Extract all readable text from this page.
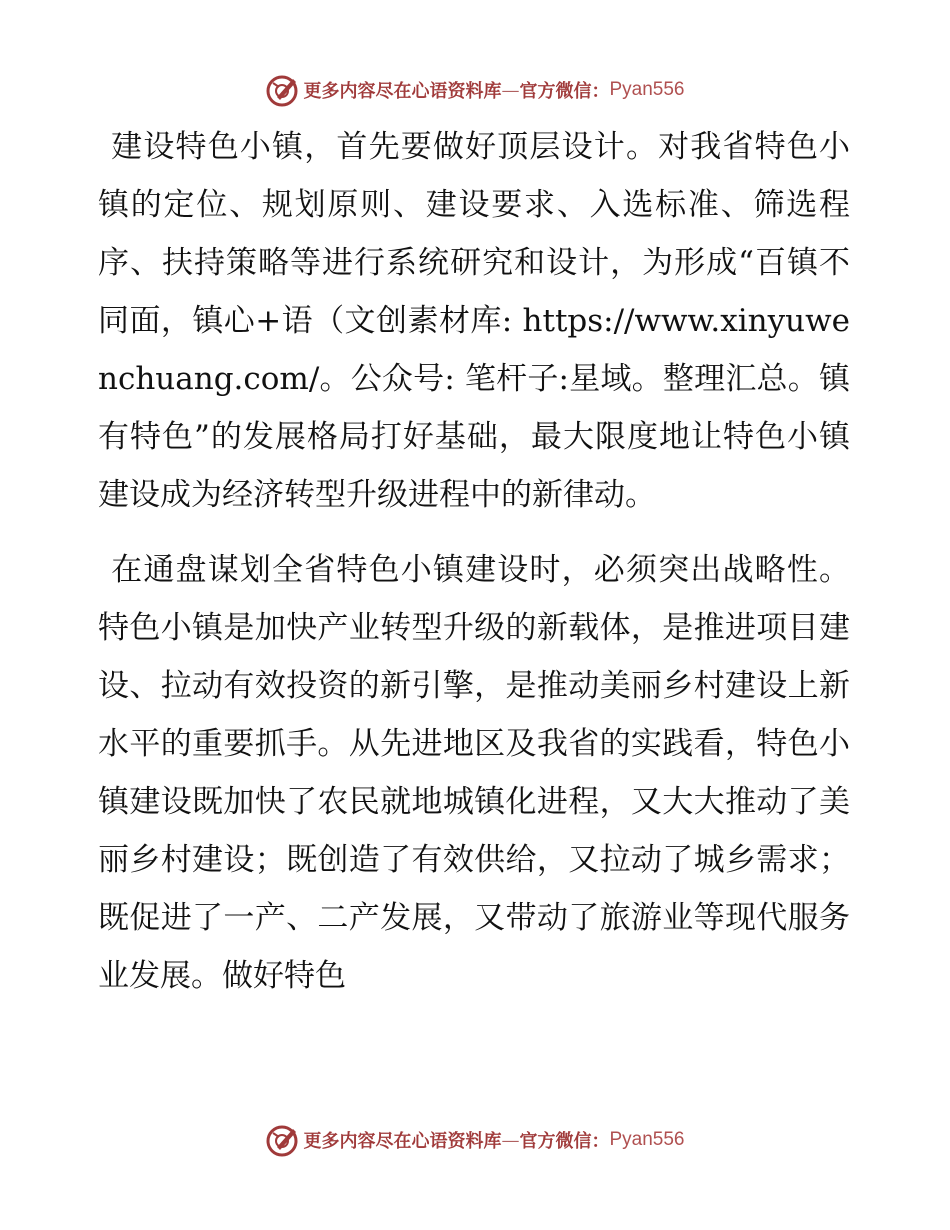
更多内容尽在心语资料库 — 官方微信： Pyan556

建设特色小镇，首先要做好顶层设计。对我省特色小镇的定位、规划原则、建设要求、入选标准、筛选程序、扶持策略等进行系统研究和设计，为形成“百镇不同面，镇心+语（文创素材库: https://www.xinyuwenchuang.com/。公众号: 笔杆子:星域。整理汇总。镇有特色”的发展格局打好基础，最大限度地让特色小镇建设成为经济转型升级进程中的新律动。

在通盘谋划全省特色小镇建设时，必须突出战略性。特色小镇是加快产业转型升级的新载体，是推进项目建设、拉动有效投资的新引擎，是推动美丽乡村建设上新水平的重要抓手。从先进地区及我省的实践看，特色小镇建设既加快了农民就地城镇化进程，又大大推动了美丽乡村建设；既创造了有效供给，又拉动了城乡需求；既促进了一产、二产发展，又带动了旅游业等现代服务业发展。做好特色

更多内容尽在心语资料库 — 官方微信： Pyan556
